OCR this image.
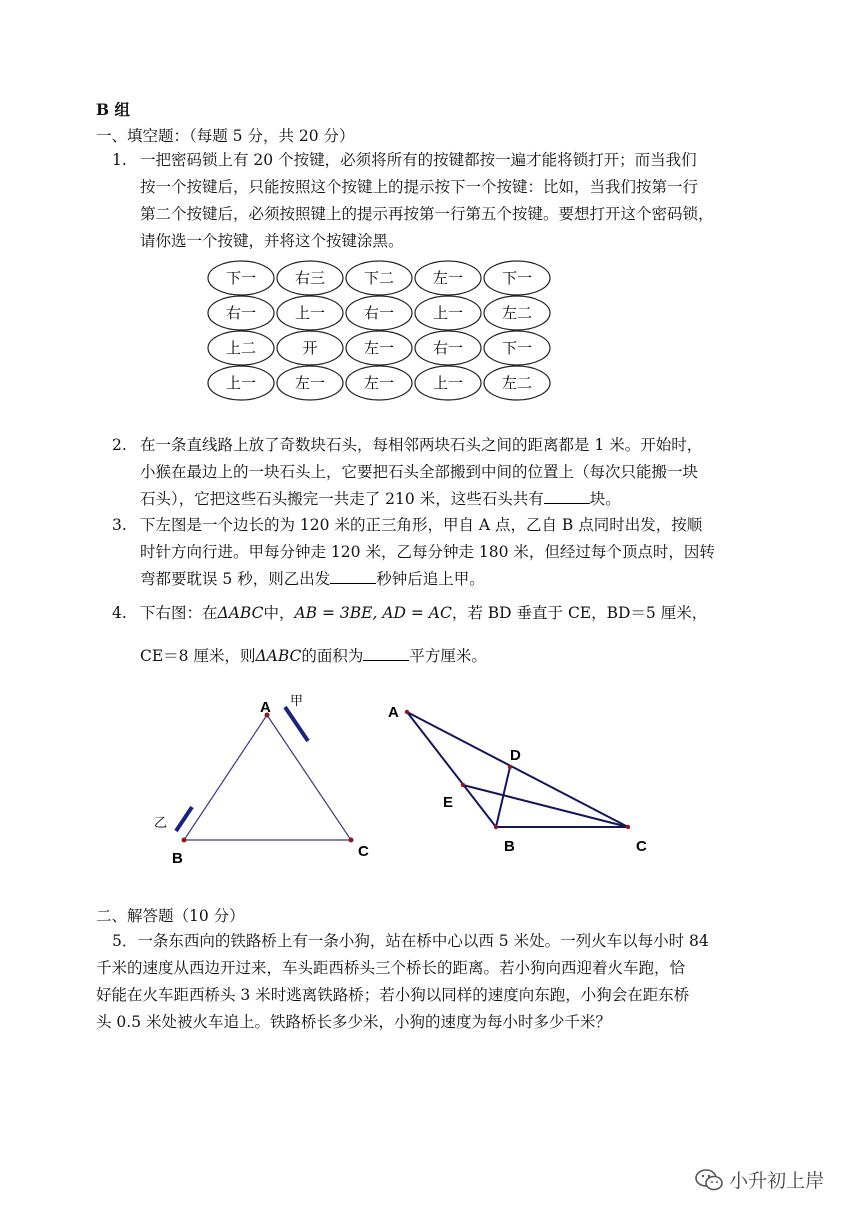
B 组
一、填空题：（每题 5 分，共 20 分）
1. 一把密码锁上有 20 个按键，必须将所有的按键都按一遍才能将锁打开；而当我们
按一个按键后，只能按照这个按键上的提示按下一个按键：比如，当我们按第一行
第二个按键后，必须按照键上的提示再按第一行第五个按键。要想打开这个密码锁，
请你选一个按键，并将这个按键涂黑。
下一	右三	下二	左一	下一
右一	上一	右一	上一	左二
上二	开	左一	右一	下一
上一	左一	左一	上一	左二
2. 在一条直线路上放了奇数块石头，每相邻两块石头之间的距离都是 1 米。开始时，
小猴在最边上的一块石头上，它要把石头全部搬到中间的位置上（每次只能搬一块
石头），它把这些石头搬完一共走了 210 米，这些石头共有	块。
3. 下左图是一个边长的为 120 米的正三角形，甲自 A 点，乙自 B 点同时出发，按顺
时针方向行进。甲每分钟走 120 米，乙每分钟走 180 米，但经过每个顶点时，因转
弯都要耽误 5 秒，则乙出发	秒钟后追上甲。
4. 下右图：在ΔABC中，AB = 3BE, AD = AC，若 BD 垂直于 CE，BD＝5 厘米，
CE＝8 厘米，则ΔABC的面积为	平方厘米。
A
B	C
甲
乙
A
B	C
D
E
二、解答题（10 分）
5．一条东西向的铁路桥上有一条小狗，站在桥中心以西 5 米处。一列火车以每小时 84
千米的速度从西边开过来，车头距西桥头三个桥长的距离。若小狗向西迎着火车跑，恰
好能在火车距西桥头 3 米时逃离铁路桥；若小狗以同样的速度向东跑，小狗会在距东桥
头 0.5 米处被火车追上。铁路桥长多少米，小狗的速度为每小时多少千米？
小升初上岸
